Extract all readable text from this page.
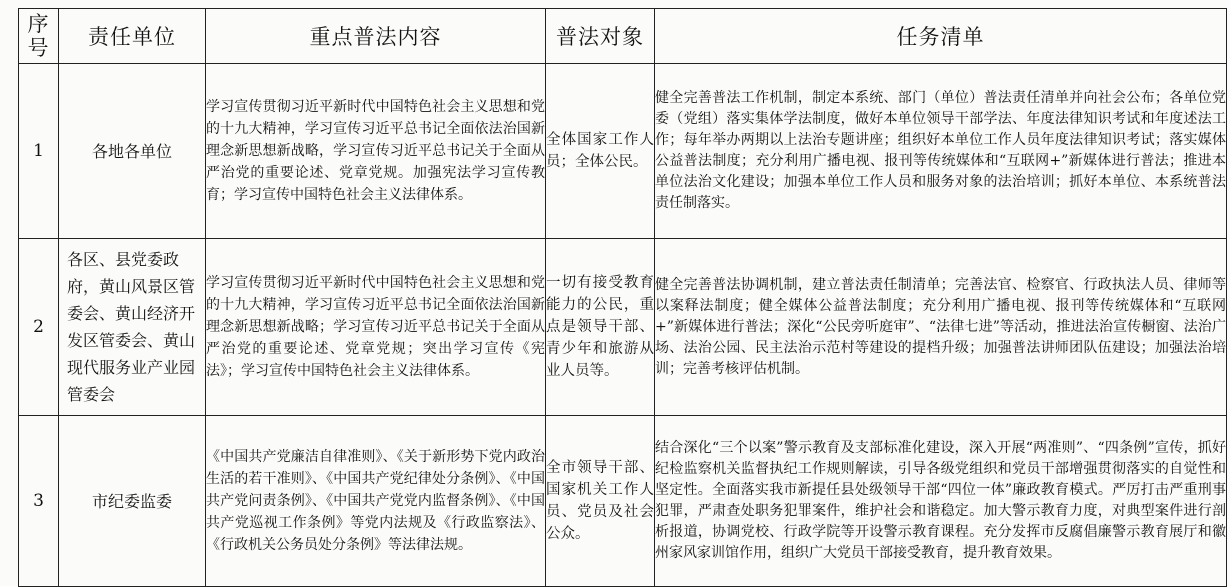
序
号	责任单位	重点普法内容	普法对象	任务清单
1	各地各单位	学习宣传贯彻习近平新时代中国特色社会主义思想和党的十九大精神，学习宣传习近平总书记全面依法治国新理念新思想新战略，学习宣传习近平总书记关于全面从严治党的重要论述、党章党规。加强宪法学习宣传教育；学习宣传中国特色社会主义法律体系。	全体国家工作人员；全体公民。	健全完善普法工作机制，制定本系统、部门（单位）普法责任清单并向社会公布；各单位党委（党组）落实集体学法制度，做好本单位领导干部学法、年度法律知识考试和年度述法工作；每年举办两期以上法治专题讲座；组织好本单位工作人员年度法律知识考试；落实媒体公益普法制度；充分利用广播电视、报刊等传统媒体和“互联网+”新媒体进行普法；推进本单位法治文化建设；加强本单位工作人员和服务对象的法治培训；抓好本单位、本系统普法责任制落实。
2	各区、县党委政府，黄山风景区管委会、黄山经济开发区管委会、黄山现代服务业产业园管委会	学习宣传贯彻习近平新时代中国特色社会主义思想和党的十九大精神，学习宣传习近平总书记全面依法治国新理念新思想新战略；学习宣传习近平总书记关于全面从严治党的重要论述、党章党规；突出学习宣传《宪法》；学习宣传中国特色社会主义法律体系。	一切有接受教育能力的公民，重点是领导干部、青少年和旅游从业人员等。	健全完善普法协调机制，建立普法责任制清单；完善法官、检察官、行政执法人员、律师等以案释法制度；健全媒体公益普法制度；充分利用广播电视、报刊等传统媒体和“互联网+”新媒体进行普法；深化“公民旁听庭审”、“法律七进”等活动，推进法治宣传橱窗、法治广场、法治公园、民主法治示范村等建设的提档升级；加强普法讲师团队伍建设；加强法治培训；完善考核评估机制。
3	市纪委监委	《中国共产党廉洁自律准则》、《关于新形势下党内政治生活的若干准则》、《中国共产党纪律处分条例》、《中国共产党问责条例》、《中国共产党党内监督条例》、《中国共产党巡视工作条例》等党内法规及《行政监察法》、《行政机关公务员处分条例》等法律法规。	全市领导干部、国家机关工作人员、党员及社会公众。	结合深化“三个以案”警示教育及支部标准化建设，深入开展“两准则”、“四条例”宣传，抓好纪检监察机关监督执纪工作规则解读，引导各级党组织和党员干部增强贯彻落实的自觉性和坚定性。全面落实我市新提任县处级领导干部“四位一体”廉政教育模式。严厉打击严重刑事犯罪，严肃查处职务犯罪案件，维护社会和谐稳定。加大警示教育力度，对典型案件进行剖析报道，协调党校、行政学院等开设警示教育课程。充分发挥市反腐倡廉警示教育展厅和徽州家风家训馆作用，组织广大党员干部接受教育，提升教育效果。
